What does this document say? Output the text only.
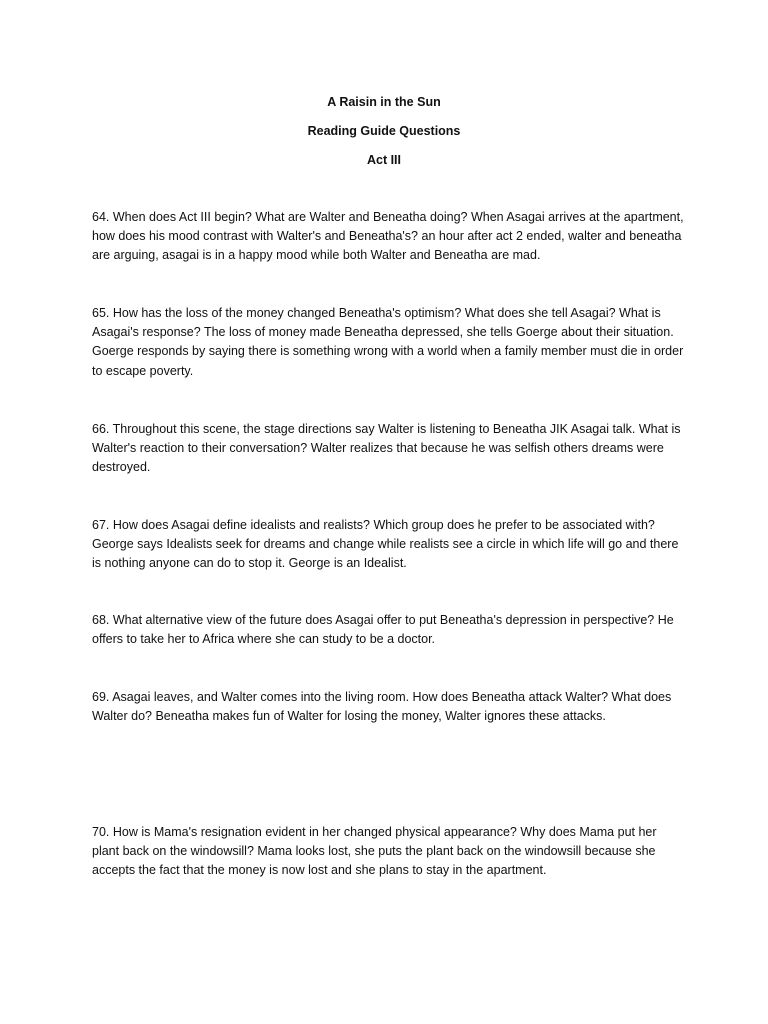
A Raisin in the Sun
Reading Guide Questions
Act III

64. When does Act III begin? What are Walter and Beneatha doing? When Asagai arrives at the apartment, how does his mood contrast with Walter's and Beneatha's? an hour after act 2 ended, walter and beneatha are arguing, asagai is in a happy mood while both Walter and Beneatha are mad.

65. How has the loss of the money changed Beneatha's optimism? What does she tell Asagai? What is Asagai's response? The loss of money made Beneatha depressed, she tells Goerge about their situation. Goerge responds by saying there is something wrong with a world when a family member must die in order to escape poverty.

66. Throughout this scene, the stage directions say Walter is listening to Beneatha JIK Asagai talk. What is Walter's reaction to their conversation? Walter realizes that because he was selfish others dreams were destroyed.

67. How does Asagai define idealists and realists? Which group does he prefer to be associated with? George says Idealists seek for dreams and change while realists see a circle in which life will go and there is nothing anyone can do to stop it. George is an Idealist.

68. What alternative view of the future does Asagai offer to put Beneatha's depression in perspective? He offers to take her to Africa where she can study to be a doctor.

69. Asagai leaves, and Walter comes into the living room. How does Beneatha attack Walter? What does Walter do? Beneatha makes fun of Walter for losing the money, Walter ignores these attacks.

70. How is Mama's resignation evident in her changed physical appearance? Why does Mama put her plant back on the windowsill? Mama looks lost, she puts the plant back on the windowsill because she accepts the fact that the money is now lost and she plans to stay in the apartment.
